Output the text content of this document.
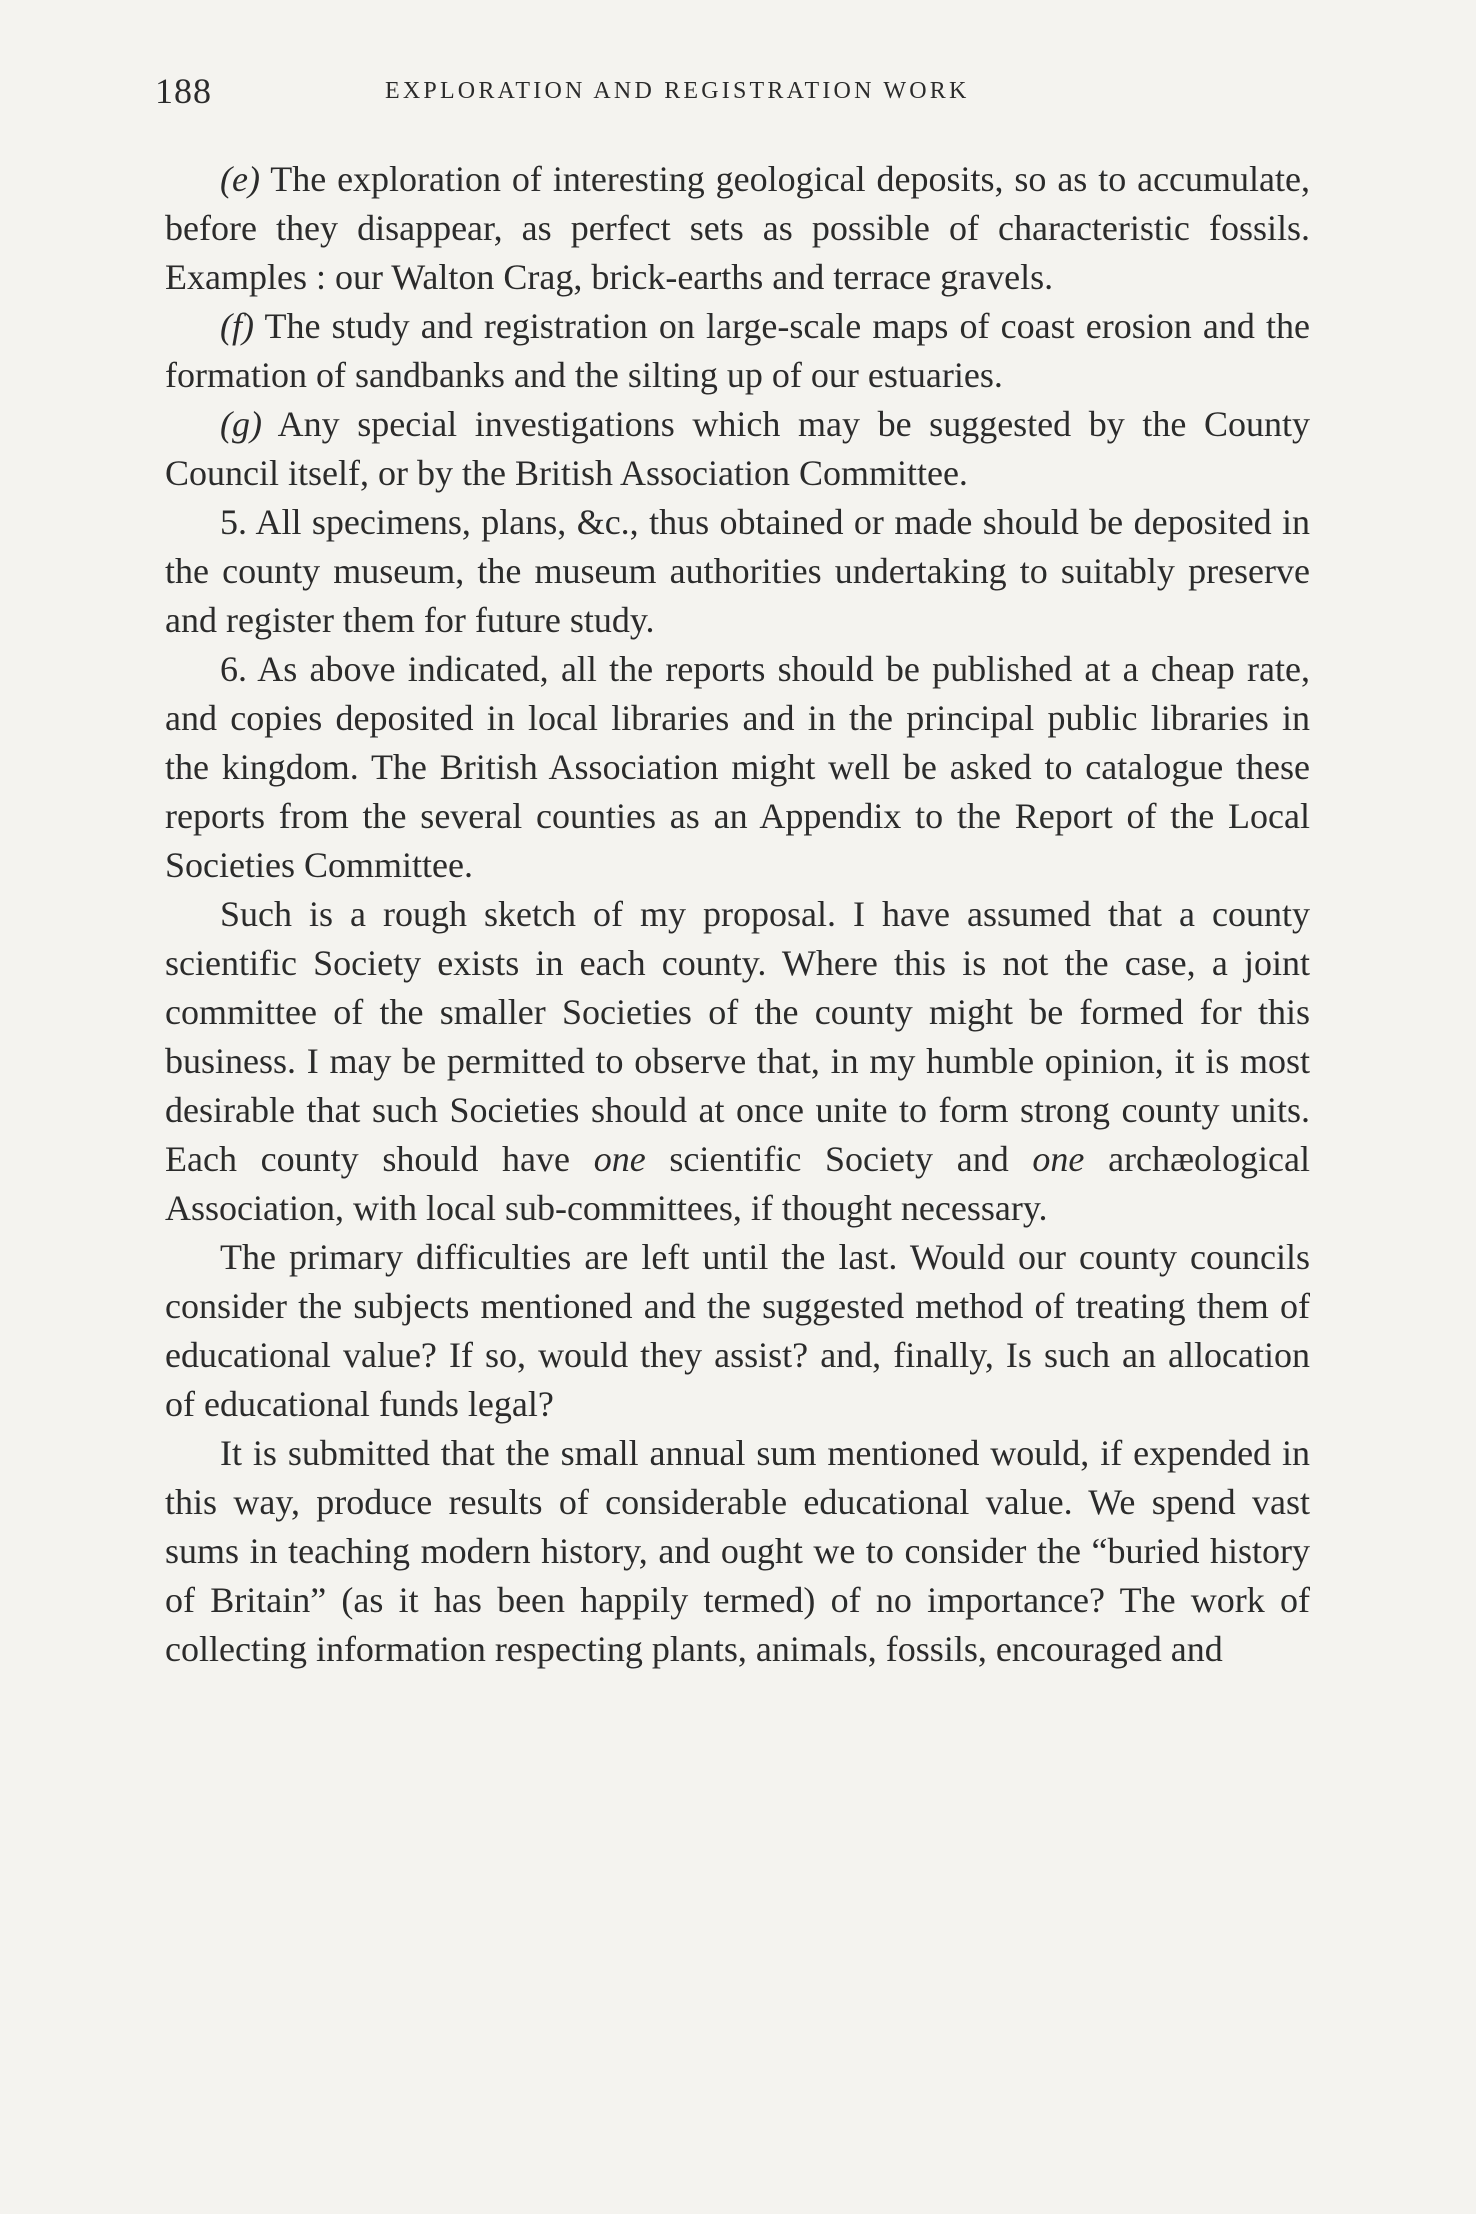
188	EXPLORATION AND REGISTRATION WORK

(e) The exploration of interesting geological deposits, so as to accumulate, before they disappear, as perfect sets as possible of characteristic fossils. Examples : our Walton Crag, brick-earths and terrace gravels.

(f) The study and registration on large-scale maps of coast erosion and the formation of sandbanks and the silting up of our estuaries.

(g) Any special investigations which may be suggested by the County Council itself, or by the British Association Committee.

5. All specimens, plans, &c., thus obtained or made should be deposited in the county museum, the museum authorities undertaking to suitably preserve and register them for future study.

6. As above indicated, all the reports should be published at a cheap rate, and copies deposited in local libraries and in the principal public libraries in the kingdom. The British Association might well be asked to catalogue these reports from the several counties as an Appendix to the Report of the Local Societies Committee.

Such is a rough sketch of my proposal. I have assumed that a county scientific Society exists in each county. Where this is not the case, a joint committee of the smaller Societies of the county might be formed for this business. I may be permitted to observe that, in my humble opinion, it is most desirable that such Societies should at once unite to form strong county units. Each county should have one scientific Society and one archæological Association, with local sub-committees, if thought necessary.

The primary difficulties are left until the last. Would our county councils consider the subjects mentioned and the suggested method of treating them of educational value? If so, would they assist? and, finally, Is such an allocation of educational funds legal?

It is submitted that the small annual sum mentioned would, if expended in this way, produce results of considerable educational value. We spend vast sums in teaching modern history, and ought we to consider the “buried history of Britain” (as it has been happily termed) of no importance? The work of collecting information respecting plants, animals, fossils, encouraged and
